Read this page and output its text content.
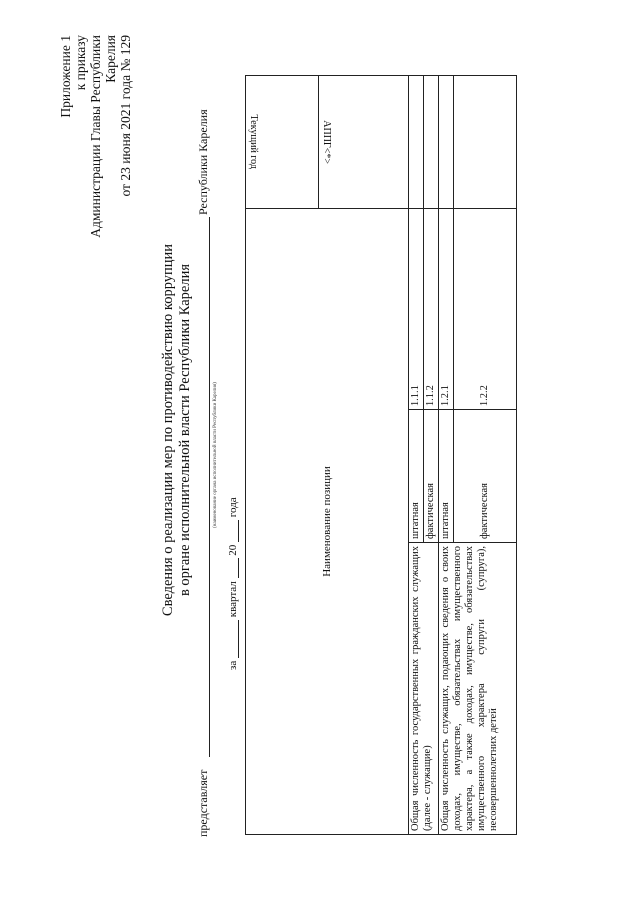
Приложение 1 к приказу Администрации Главы Республики Карелия от 23 июня 2021 года № 129
Сведения о реализации мер по противодействию коррупции в органе исполнительной власти Республики Карелия
представляет
Республики Карелия
(наименование органа исполнительной власти Республики Карелия)
за  квартал  20  года	Наименование позиции			Текущий год
			АППГ<*>
Общая численность государственных гражданских служащих (далее - служащие)	штатная	1.1.1	
	фактическая	1.1.2	
Общая численность служащих, подающих сведения о своих доходах, имуществе, обязательствах имущественного характера, а также доходах, имуществе, обязательствах имущественного характера супруги (супруга), несовершеннолетних детей	штатная	1.2.1	
	фактическая	1.2.2	
